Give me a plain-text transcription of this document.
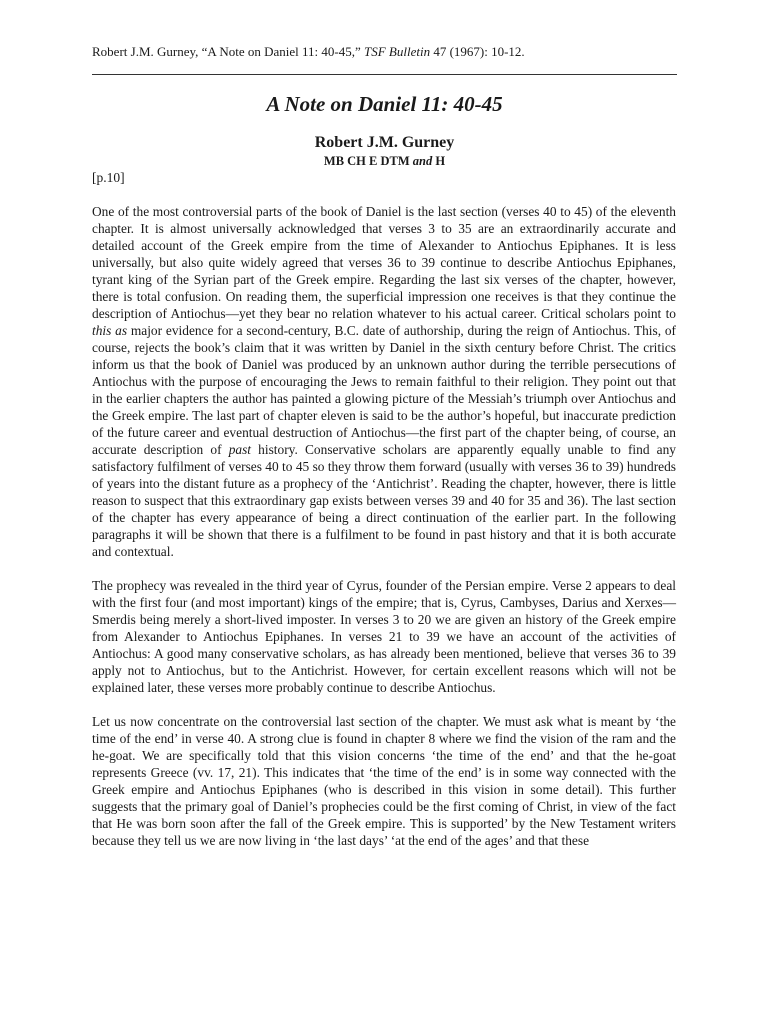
Robert J.M. Gurney, “A Note on Daniel 11: 40-45,” TSF Bulletin 47 (1967): 10-12.
A Note on Daniel 11: 40-45
Robert J.M. Gurney
MB CH E DTM and H
[p.10]

One of the most controversial parts of the book of Daniel is the last section (verses 40 to 45) of the eleventh chapter. It is almost universally acknowledged that verses 3 to 35 are an extraordinarily accurate and detailed account of the Greek empire from the time of Alexander to Antiochus Epiphanes. It is less universally, but also quite widely agreed that verses 36 to 39 continue to describe Antiochus Epiphanes, tyrant king of the Syrian part of the Greek empire. Regarding the last six verses of the chapter, however, there is total confusion. On reading them, the superficial impression one receives is that they continue the description of Antiochus—yet they bear no relation whatever to his actual career. Critical scholars point to this as major evidence for a second-century, B.C. date of authorship, during the reign of Antiochus. This, of course, rejects the book’s claim that it was written by Daniel in the sixth century before Christ. The critics inform us that the book of Daniel was produced by an unknown author during the terrible persecutions of Antiochus with the purpose of encouraging the Jews to remain faithful to their religion. They point out that in the earlier chapters the author has painted a glowing picture of the Messiah’s triumph over Antiochus and the Greek empire. The last part of chapter eleven is said to be the author’s hopeful, but inaccurate prediction of the future career and eventual destruction of Antiochus—the first part of the chapter being, of course, an accurate description of past history. Conservative scholars are apparently equally unable to find any satisfactory fulfilment of verses 40 to 45 so they throw them forward (usually with verses 36 to 39) hundreds of years into the distant future as a prophecy of the ‘Antichrist’. Reading the chapter, however, there is little reason to suspect that this extraordinary gap exists between verses 39 and 40 for 35 and 36). The last section of the chapter has every appearance of being a direct continuation of the earlier part. In the following paragraphs it will be shown that there is a fulfilment to be found in past history and that it is both accurate and contextual.

The prophecy was revealed in the third year of Cyrus, founder of the Persian empire. Verse 2 appears to deal with the first four (and most important) kings of the empire; that is, Cyrus, Cambyses, Darius and Xerxes—Smerdis being merely a short-lived imposter. In verses 3 to 20 we are given an history of the Greek empire from Alexander to Antiochus Epiphanes. In verses 21 to 39 we have an account of the activities of Antiochus: A good many conservative scholars, as has already been mentioned, believe that verses 36 to 39 apply not to Antiochus, but to the Antichrist. However, for certain excellent reasons which will not be explained later, these verses more probably continue to describe Antiochus.

Let us now concentrate on the controversial last section of the chapter. We must ask what is meant by ‘the time of the end’ in verse 40. A strong clue is found in chapter 8 where we find the vision of the ram and the he-goat. We are specifically told that this vision concerns ‘the time of the end’ and that the he-goat represents Greece (vv. 17, 21). This indicates that ‘the time of the end’ is in some way connected with the Greek empire and Antiochus Epiphanes (who is described in this vision in some detail). This further suggests that the primary goal of Daniel’s prophecies could be the first coming of Christ, in view of the fact that He was born soon after the fall of the Greek empire. This is supported’ by the New Testament writers because they tell us we are now living in ‘the last days’ ‘at the end of the ages’ and that these
